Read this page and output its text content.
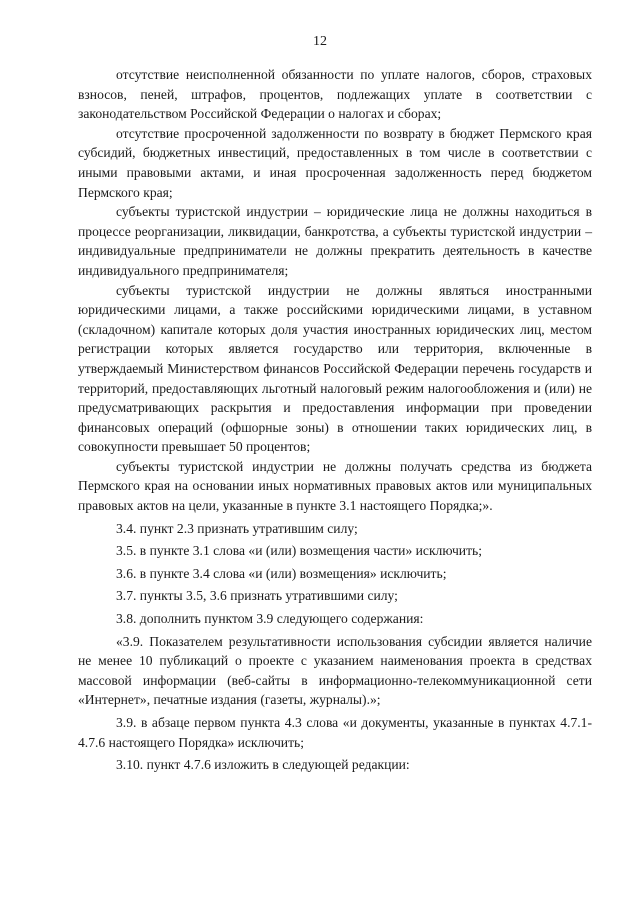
12

отсутствие неисполненной обязанности по уплате налогов, сборов, страховых взносов, пеней, штрафов, процентов, подлежащих уплате в соответствии с законодательством Российской Федерации о налогах и сборах;

отсутствие просроченной задолженности по возврату в бюджет Пермского края субсидий, бюджетных инвестиций, предоставленных в том числе в соответствии с иными правовыми актами, и иная просроченная задолженность перед бюджетом Пермского края;

субъекты туристской индустрии – юридические лица не должны находиться в процессе реорганизации, ликвидации, банкротства, а субъекты туристской индустрии – индивидуальные предприниматели не должны прекратить деятельность в качестве индивидуального предпринимателя;

субъекты туристской индустрии не должны являться иностранными юридическими лицами, а также российскими юридическими лицами, в уставном (складочном) капитале которых доля участия иностранных юридических лиц, местом регистрации которых является государство или территория, включенные в утверждаемый Министерством финансов Российской Федерации перечень государств и территорий, предоставляющих льготный налоговый режим налогообложения и (или) не предусматривающих раскрытия и предоставления информации при проведении финансовых операций (офшорные зоны) в отношении таких юридических лиц, в совокупности превышает 50 процентов;

субъекты туристской индустрии не должны получать средства из бюджета Пермского края на основании иных нормативных правовых актов или муниципальных правовых актов на цели, указанные в пункте 3.1 настоящего Порядка;».

3.4. пункт 2.3 признать утратившим силу;

3.5. в пункте 3.1 слова «и (или) возмещения части» исключить;

3.6. в пункте 3.4 слова «и (или) возмещения» исключить;

3.7. пункты 3.5, 3.6 признать утратившими силу;

3.8. дополнить пунктом 3.9 следующего содержания:

«3.9. Показателем результативности использования субсидии является наличие не менее 10 публикаций о проекте с указанием наименования проекта в средствах массовой информации (веб-сайты в информационно-телекоммуникационной сети «Интернет», печатные издания (газеты, журналы).»;

3.9. в абзаце первом пункта 4.3 слова «и документы, указанные в пунктах 4.7.1-4.7.6 настоящего Порядка» исключить;

3.10. пункт 4.7.6 изложить в следующей редакции:
